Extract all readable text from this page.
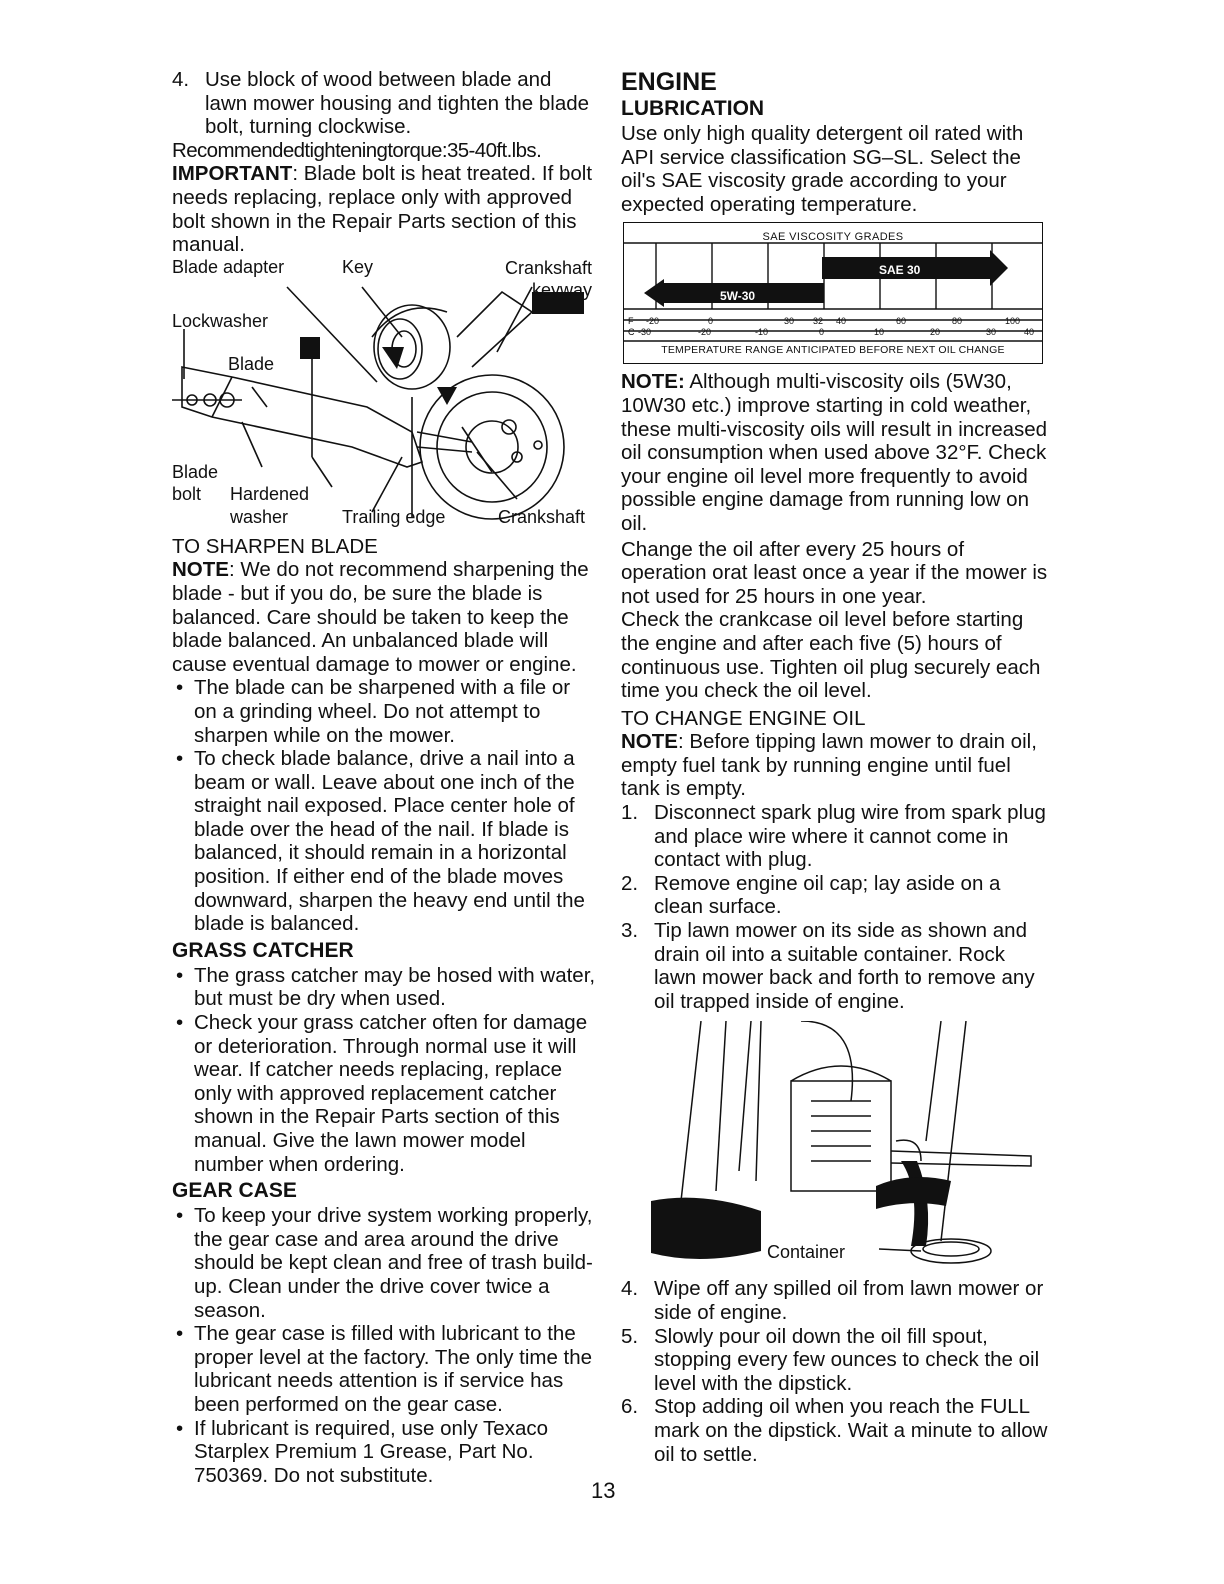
4. Use block of wood between blade and lawn mower housing and tighten the blade bolt, turning clockwise.

Recommendedtighteningtorque:35-40ft.lbs.

IMPORTANT: Blade bolt is heat treated. If bolt needs replacing, replace only with approved bolt shown in the Repair Parts section of this manual.

Blade adapter	Key	Crankshaft keyway
Lockwasher
Blade
Blade
bolt Hardened
washer	Trailing edge	Crankshaft

TO SHARPEN BLADE

NOTE: We do not recommend sharpening the blade - but if you do, be sure the blade is balanced. Care should be taken to keep the blade balanced. An unbalanced blade will cause eventual damage to mower or engine.

• The blade can be sharpened with a file or on a grinding wheel. Do not attempt to sharpen while on the mower.
• To check blade balance, drive a nail into a beam or wall. Leave about one inch of the straight nail exposed. Place center hole of blade over the head of the nail. If blade is balanced, it should remain in a horizontal position. If either end of the blade moves downward, sharpen the heavy end until the blade is balanced.

GRASS CATCHER

• The grass catcher may be hosed with water, but must be dry when used.
• Check your grass catcher often for damage or deterioration. Through normal use it will wear. If catcher needs replacing, replace only with approved replacement catcher shown in the Repair Parts section of this manual. Give the lawn mower model number when ordering.

GEAR CASE

• To keep your drive system working properly, the gear case and area around the drive should be kept clean and free of trash build-up. Clean under the drive cover twice a season.
• The gear case is filled with lubricant to the proper level at the factory. The only time the lubricant needs attention is if service has been performed on the gear case.
• If lubricant is required, use only Texaco Starplex Premium 1 Grease, Part No. 750369. Do not substitute.

ENGINE

LUBRICATION

Use only high quality detergent oil rated with API service classification SG–SL. Select the oil's SAE viscosity grade according to your expected operating temperature.

SAE VISCOSITY GRADES
SAE 30
5W-30
F -20	0	30 32 40	60	80	100
C -30	-20	-10	0	10	20	30	40
TEMPERATURE RANGE ANTICIPATED BEFORE NEXT OIL CHANGE

NOTE: Although multi-viscosity oils (5W30, 10W30 etc.) improve starting in cold weather, these multi-viscosity oils will result in increased oil consumption when used above 32°F. Check your engine oil level more frequently to avoid possible engine damage from running low on oil.

Change the oil after every 25 hours of operation orat least once a year if the mower is not used for 25 hours in one year.

Check the crankcase oil level before starting the engine and after each five (5) hours of continuous use. Tighten oil plug securely each time you check the oil level.

TO CHANGE ENGINE OIL

NOTE: Before tipping lawn mower to drain oil, empty fuel tank by running engine until fuel tank is empty.

1. Disconnect spark plug wire from spark plug and place wire where it cannot come in contact with plug.
2. Remove engine oil cap; lay aside on a clean surface.
3. Tip lawn mower on its side as shown and drain oil into a suitable container. Rock lawn mower back and forth to remove any oil trapped inside of engine.
Container
4. Wipe off any spilled oil from lawn mower or side of engine.
5. Slowly pour oil down the oil fill spout, stopping every few ounces to check the oil level with the dipstick.
6. Stop adding oil when you reach the FULL mark on the dipstick. Wait a minute to allow oil to settle.
13
